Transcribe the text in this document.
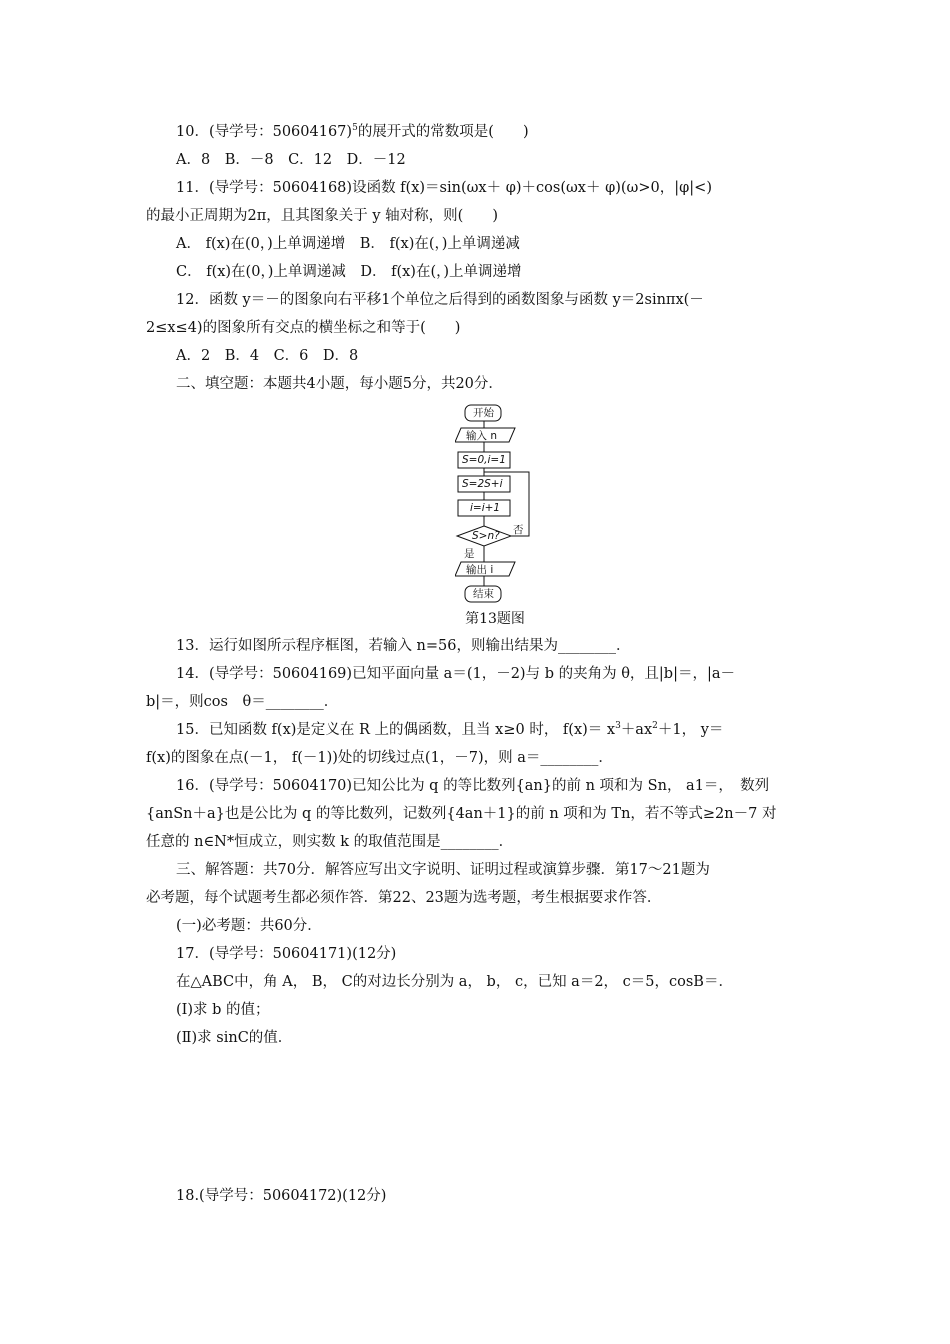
10．(导学号：50604167)$^5$的展开式的常数项是(　　)
A．8　B．－8　C．12　D．－12
11．(导学号：50604168)设函数 f(x)＝sin(ωx＋ φ)＋cos(ωx＋ φ)(ω>0，|φ|<)
的最小正周期为2π，且其图象关于 y 轴对称，则(　　)
A． f(x)在(0，)上单调递增　B． f(x)在(，)上单调递减
C． f(x)在(0，)上单调递减　D． f(x)在(，)上单调递增
12．函数 y＝－的图象向右平移1个单位之后得到的函数图象与函数 y＝2sinπx(－
2≤x≤4)的图象所有交点的横坐标之和等于(　　)
A．2　B．4　C．6　D．8
二、填空题：本题共4小题，每小题5分，共20分．
开始
输入 n
S=0,i=1
S=2S+i
i=i+1
S>n? 否
是
输出 i
结束
第13题图
13．运行如图所示程序框图，若输入 n=56，则输出结果为________．
14．(导学号：50604169)已知平面向量 a＝(1，－2)与 b 的夹角为 θ，且|b|＝，|a－
b|＝，则cos　θ＝________．
15．已知函数 f(x)是定义在 R 上的偶函数，且当 x≥0 时， $f(x)= x^3+ax^2+1$， y＝
f(x)的图象在点(－1， f(－1))处的切线过点(1，－7)，则 a＝________．
16．(导学号：50604170)已知公比为 q 的等比数列{an}的前 n 项和为 Sn， a1＝，　数列
{anSn＋a}也是公比为 q 的等比数列，记数列{4an＋1}的前 n 项和为 Tn，若不等式≥2n－7 对
任意的 n∈N*恒成立，则实数 k 的取值范围是________．
三、解答题：共70分．解答应写出文字说明、证明过程或演算步骤．第17～21题为
必考题，每个试题考生都必须作答．第22、23题为选考题，考生根据要求作答．
(一)必考题：共60分．
17．(导学号：50604171)(12分)
在△ABC中，角 A， B， C的对边长分别为 a， b， c，已知 a＝2， c＝5，cosB＝．
(Ⅰ)求 b 的值；
(Ⅱ)求 sinC的值．
18.(导学号：50604172)(12分)
